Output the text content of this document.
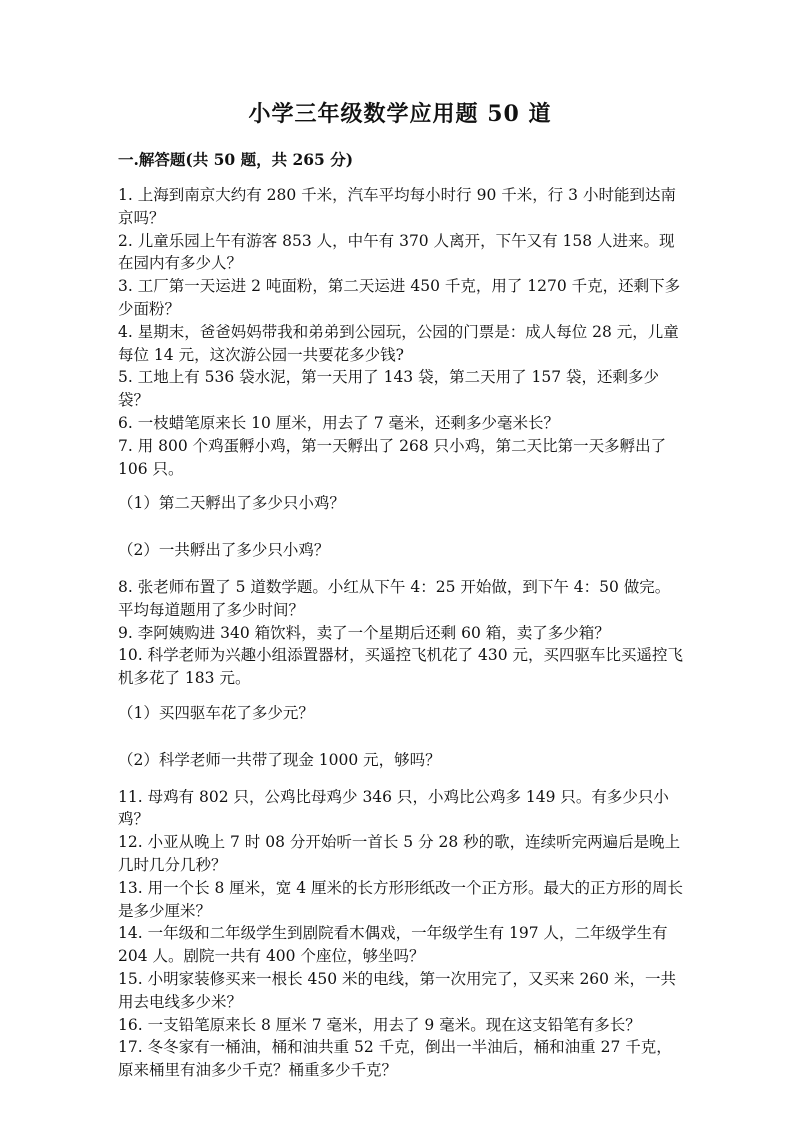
小学三年级数学应用题 50 道
一.解答题(共 50 题，共 265 分)

1. 上海到南京大约有 280 千米，汽车平均每小时行 90 千米，行 3 小时能到达南京吗？

2. 儿童乐园上午有游客 853 人，中午有 370 人离开，下午又有 158 人进来。现在园内有多少人？

3. 工厂第一天运进 2 吨面粉，第二天运进 450 千克，用了 1270 千克，还剩下多少面粉？

4. 星期末，爸爸妈妈带我和弟弟到公园玩，公园的门票是：成人每位 28 元，儿童每位 14 元，这次游公园一共要花多少钱?

5. 工地上有 536 袋水泥，第一天用了 143 袋，第二天用了 157 袋，还剩多少袋？

6. 一枝蜡笔原来长 10 厘米，用去了 7 毫米，还剩多少毫米长？

7. 用 800 个鸡蛋孵小鸡，第一天孵出了 268 只小鸡，第二天比第一天多孵出了 106 只。

（1）第二天孵出了多少只小鸡？

（2）一共孵出了多少只小鸡？

8. 张老师布置了 5 道数学题。小红从下午 4：25 开始做，到下午 4：50 做完。平均每道题用了多少时间？

9. 李阿姨购进 340 箱饮料，卖了一个星期后还剩 60 箱，卖了多少箱？

10. 科学老师为兴趣小组添置器材，买遥控飞机花了 430 元，买四驱车比买遥控飞机多花了 183 元。

（1）买四驱车花了多少元？

（2）科学老师一共带了现金 1000 元，够吗？

11. 母鸡有 802 只，公鸡比母鸡少 346 只，小鸡比公鸡多 149 只。有多少只小鸡？

12. 小亚从晚上 7 时 08 分开始听一首长 5 分 28 秒的歌，连续听完两遍后是晚上几时几分几秒？

13. 用一个长 8 厘米，宽 4 厘米的长方形形纸改一个正方形。最大的正方形的周长是多少厘米？

14. 一年级和二年级学生到剧院看木偶戏，一年级学生有 197 人，二年级学生有 204 人。剧院一共有 400 个座位，够坐吗？

15. 小明家装修买来一根长 450 米的电线，第一次用完了，又买来 260 米，一共用去电线多少米？

16. 一支铅笔原来长 8 厘米 7 毫米，用去了 9 毫米。现在这支铅笔有多长？

17. 冬冬家有一桶油，桶和油共重 52 千克，倒出一半油后，桶和油重 27 千克，原来桶里有油多少千克？桶重多少千克？
